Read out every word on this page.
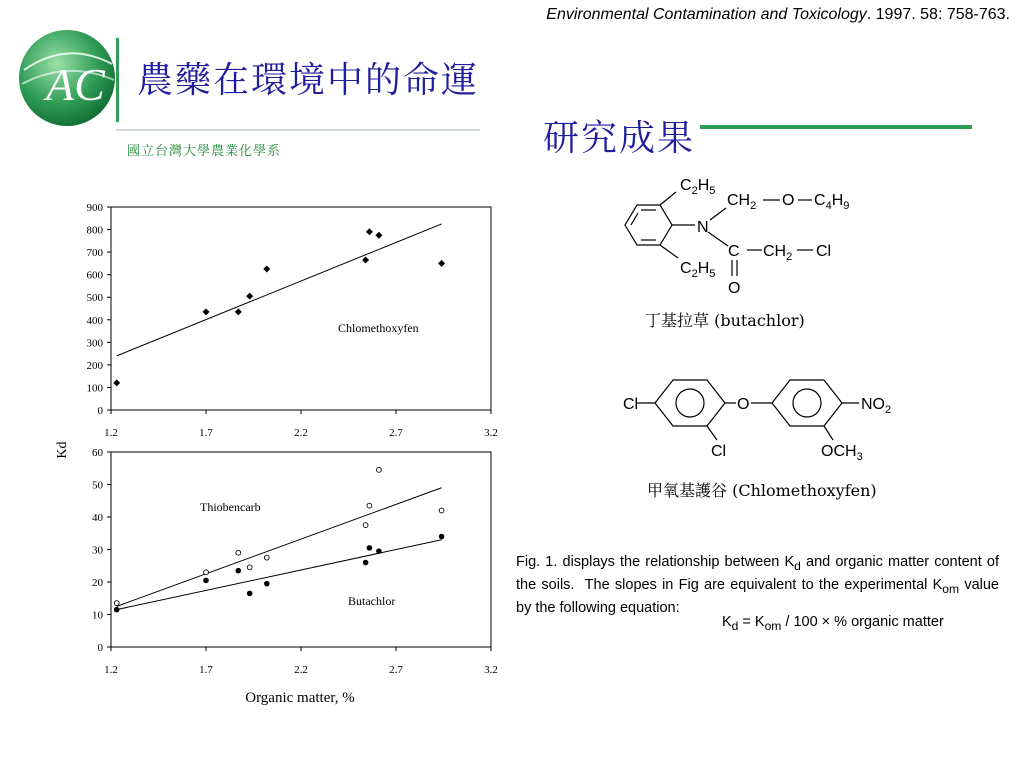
Environmental Contamination and Toxicology. 1997. 58: 758-763.
AC 農藥在環境中的命運
研究成果
國立台灣大學農業化學系
Chlomethoxyfen
0
100
200
300
400
500
600
700
800
900
1.2	1.7	2.2	2.7	3.2
Thiobencarb
Butachlor
0
10
20
30
40
50
60
1.2	1.7	2.2	2.7	3.2
Kd
Organic matter, %
$C_2H_5$
N
$CH_2$ O $C_4H_9$
C $CH_2$ Cl
$C_2H_5$
O
丁基拉草 (butachlor)
Cl	O	$NO_2$
Cl	$OCH_3$
甲氧基護谷 (Chlomethoxyfen)
Fig. 1. displays the relationship between $K_d$ and organic matter content of the soils.  The slopes in Fig are equivalent to the experimental $K_{om}$ value by the following equation:
$K_d = K_{om} / 100$ × % organic matter
